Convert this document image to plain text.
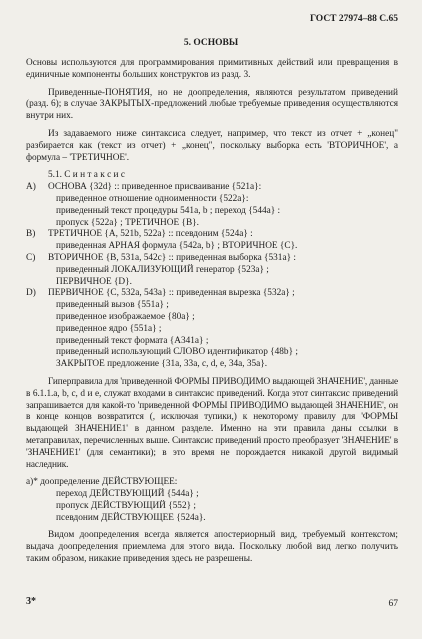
ГОСТ 27974–88 С.65
5. ОСНОВЫ

Основы используются для программирования примитивных действий или превращения в единичные компоненты больших конструктов из разд. 3.

Приведенные-ПОНЯТИЯ, но не доопределения, являются результатом приведений (разд. 6); в случае ЗАКРЫТЫХ-предложений любые требуемые приведения осуществляются внутри них.

Из задаваемого ниже синтаксиса следует, например, что текст из отчет + „конец" разбирается как (текст из отчет) + „конец", поскольку выборка есть 'ВТОРИЧНОЕ', а формула – 'ТРЕТИЧНОЕ'.

5.1. С и н т а к с и с
A)	ОСНОВА {32d} :: приведенное присваивание {521a}:
приведенное отношение одноименности {522a}:
приведенный текст процедуры 541a, b ; переход {544a} :
пропуск {522a} ; ТРЕТИЧНОЕ {B}.
B)	ТРЕТИЧНОЕ {A, 521b, 522a} :: псевдоним {524a} :
приведенная АРНАЯ формула {542a, b} ; ВТОРИЧНОЕ {C}.
C)	ВТОРИЧНОЕ {B, 531a, 542c} :: приведенная выборка {531a} :
приведенный ЛОКАЛИЗУЮЩИЙ генератор {523a} ;
ПЕРВИЧНОЕ {D}.
D)	ПЕРВИЧНОЕ {C, 532a, 543a} :: приведенная вырезка {532a} ;
приведенный вызов {551a} ;
приведенное изображаемое {80a} ;
приведенное ядро {551a} ;
приведенный текст формата {A341a} ;
приведенный использующий СЛОВО идентификатор {48b} ;
ЗАКРЫТОЕ предложение {31a, 33a, c, d, e, 34a, 35a}.

Гиперправила для 'приведенной ФОРМЫ ПРИВОДИМО выдающей ЗНАЧЕНИЕ', данные в 6.1.1.a, b, c, d и e, служат входами в синтаксис приведений. Когда этот синтаксис приведений запрашивается для какой-то 'приведенной ФОРМЫ ПРИВОДИМО выдающей ЗНАЧЕНИЕ', он в конце концов возвратится (, исключая тупики,) к некоторому правилу для 'ФОРМЫ выдающей ЗНАЧЕНИЕ1' в данном разделе. Именно на эти правила даны ссылки в метаправилах, перечисленных выше. Синтаксис приведений просто преобразует 'ЗНАЧЕНИЕ' в 'ЗНАЧЕНИЕ1' (для семантики); в это время не порождается никакой другой видимый наследник.

a)* доопределение ДЕЙСТВУЮЩЕЕ:
переход ДЕЙСТВУЮЩИЙ {544a} ;
пропуск ДЕЙСТВУЮЩИЙ {552} ;
псевдоним ДЕЙСТВУЮЩЕЕ {524a}.

Видом доопределения всегда является апостериорный вид, требуемый контекстом; выдача доопределения приемлема для этого вида. Поскольку любой вид легко получить таким образом, никакие приведения здесь не разрешены.

3*	67
